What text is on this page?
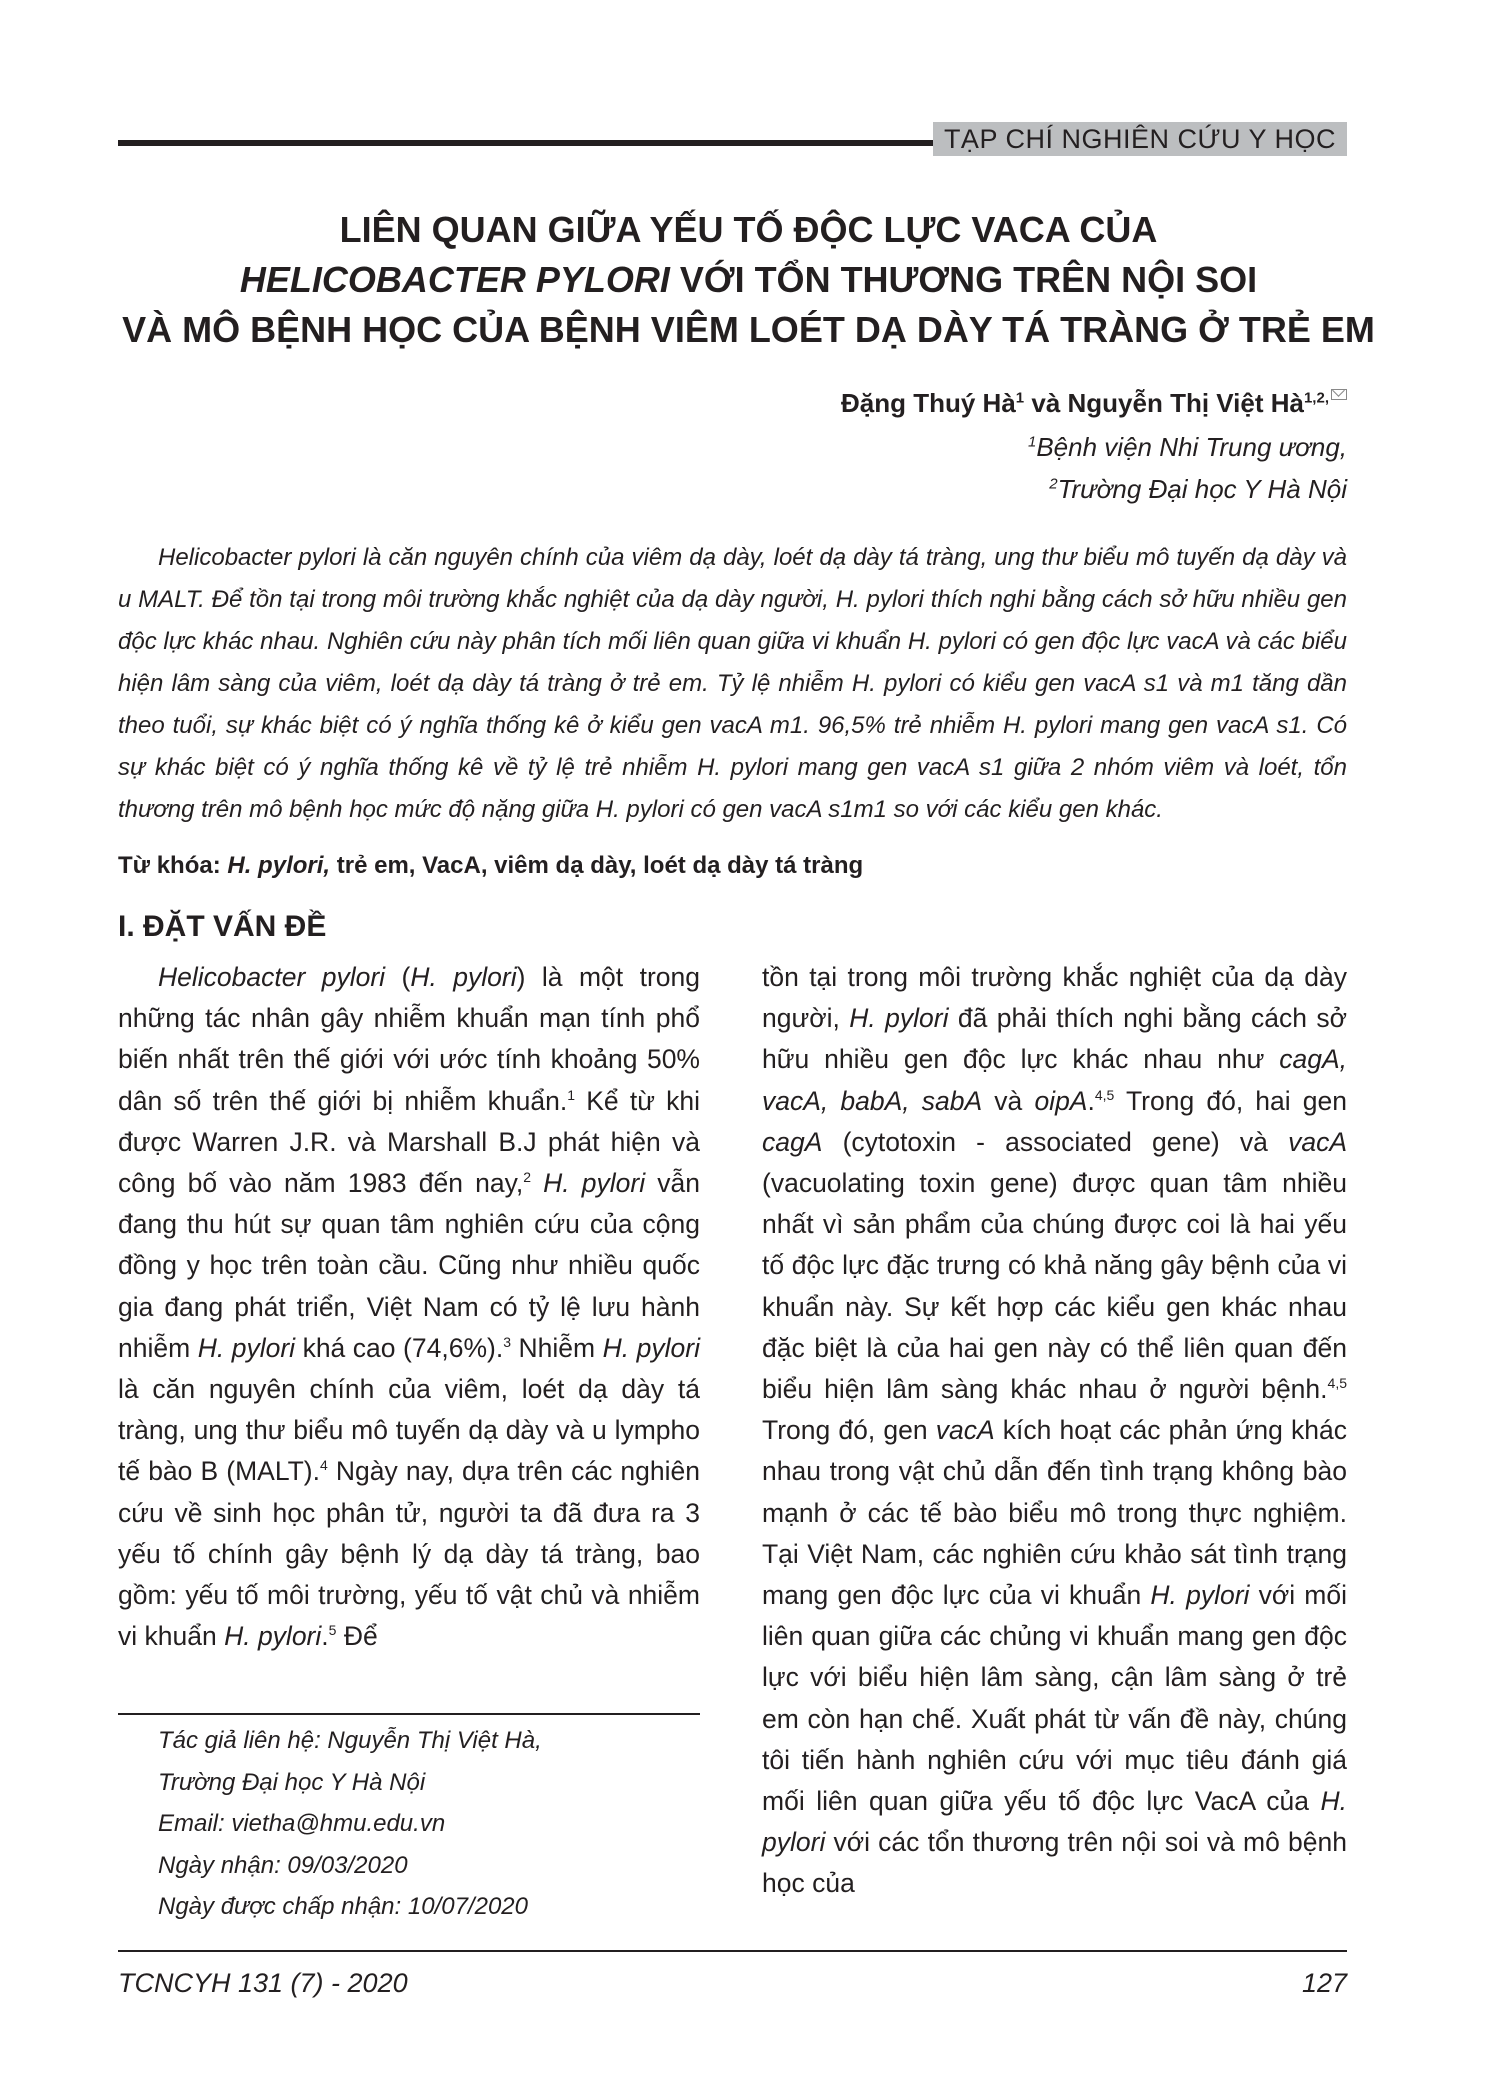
TẠP CHÍ NGHIÊN CỨU Y HỌC
LIÊN QUAN GIỮA YẾU TỐ ĐỘC LỰC VACA CỦA
HELICOBACTER PYLORI VỚI TỔN THƯƠNG TRÊN NỘI SOI
VÀ MÔ BỆNH HỌC CỦA BỆNH VIÊM LOÉT DẠ DÀY TÁ TRÀNG Ở TRẺ EM
Đặng Thuý $Hà^1$ và Nguyễn Thị Việt $Hà^{1,2,}$
$^1$Bệnh viện Nhi Trung ương,
$^2$Trường Đại học Y Hà Nội
Helicobacter pylori là căn nguyên chính của viêm dạ dày, loét dạ dày tá tràng, ung thư biểu mô tuyến dạ dày và u MALT. Để tồn tại trong môi trường khắc nghiệt của dạ dày người, H. pylori thích nghi bằng cách sở hữu nhiều gen độc lực khác nhau. Nghiên cứu này phân tích mối liên quan giữa vi khuẩn H. pylori có gen độc lực vacA và các biểu hiện lâm sàng của viêm, loét dạ dày tá tràng ở trẻ em. Tỷ lệ nhiễm H. pylori có kiểu gen vacA s1 và m1 tăng dần theo tuổi, sự khác biệt có ý nghĩa thống kê ở kiểu gen vacA m1. 96,5% trẻ nhiễm H. pylori mang gen vacA s1. Có sự khác biệt có ý nghĩa thống kê về tỷ lệ trẻ nhiễm H. pylori mang gen vacA s1 giữa 2 nhóm viêm và loét, tổn thương trên mô bệnh học mức độ nặng giữa H. pylori có gen vacA s1m1 so với các kiểu gen khác.
Từ khóa: H. pylori, trẻ em, VacA, viêm dạ dày, loét dạ dày tá tràng
I. ĐẶT VẤN ĐỀ
Helicobacter pylori (H. pylori) là một trong những tác nhân gây nhiễm khuẩn mạn tính phổ biến nhất trên thế giới với ước tính khoảng 50% dân số trên thế giới bị nhiễm khuẩn.$^1$ Kể từ khi được Warren J.R. và Marshall B.J phát hiện và công bố vào năm 1983 đến nay,$^2$ H. pylori vẫn đang thu hút sự quan tâm nghiên cứu của cộng đồng y học trên toàn cầu. Cũng như nhiều quốc gia đang phát triển, Việt Nam có tỷ lệ lưu hành nhiễm H. pylori khá cao (74,6%).$^3$ Nhiễm H. pylori là căn nguyên chính của viêm, loét dạ dày tá tràng, ung thư biểu mô tuyến dạ dày và u lympho tế bào B (MALT).$^4$ Ngày nay, dựa trên các nghiên cứu về sinh học phân tử, người ta đã đưa ra 3 yếu tố chính gây bệnh lý dạ dày tá tràng, bao gồm: yếu tố môi trường, yếu tố vật chủ và nhiễm vi khuẩn H. pylori.$^5$ Để
tồn tại trong môi trường khắc nghiệt của dạ dày người, H. pylori đã phải thích nghi bằng cách sở hữu nhiều gen độc lực khác nhau như cagA, vacA, babA, sabA và oipA.$^{4,5}$ Trong đó, hai gen cagA (cytotoxin - associated gene) và vacA (vacuolating toxin gene) được quan tâm nhiều nhất vì sản phẩm của chúng được coi là hai yếu tố độc lực đặc trưng có khả năng gây bệnh của vi khuẩn này. Sự kết hợp các kiểu gen khác nhau đặc biệt là của hai gen này có thể liên quan đến biểu hiện lâm sàng khác nhau ở người bệnh.$^{4,5}$ Trong đó, gen vacA kích hoạt các phản ứng khác nhau trong vật chủ dẫn đến tình trạng không bào mạnh ở các tế bào biểu mô trong thực nghiệm. Tại Việt Nam, các nghiên cứu khảo sát tình trạng mang gen độc lực của vi khuẩn H. pylori với mối liên quan giữa các chủng vi khuẩn mang gen độc lực với biểu hiện lâm sàng, cận lâm sàng ở trẻ em còn hạn chế. Xuất phát từ vấn đề này, chúng tôi tiến hành nghiên cứu với mục tiêu đánh giá mối liên quan giữa yếu tố độc lực VacA của H. pylori với các tổn thương trên nội soi và mô bệnh học của
Tác giả liên hệ: Nguyễn Thị Việt Hà,
Trường Đại học Y Hà Nội
Email: vietha@hmu.edu.vn
Ngày nhận: 09/03/2020
Ngày được chấp nhận: 10/07/2020
TCNCYH 131 (7) - 2020	127
